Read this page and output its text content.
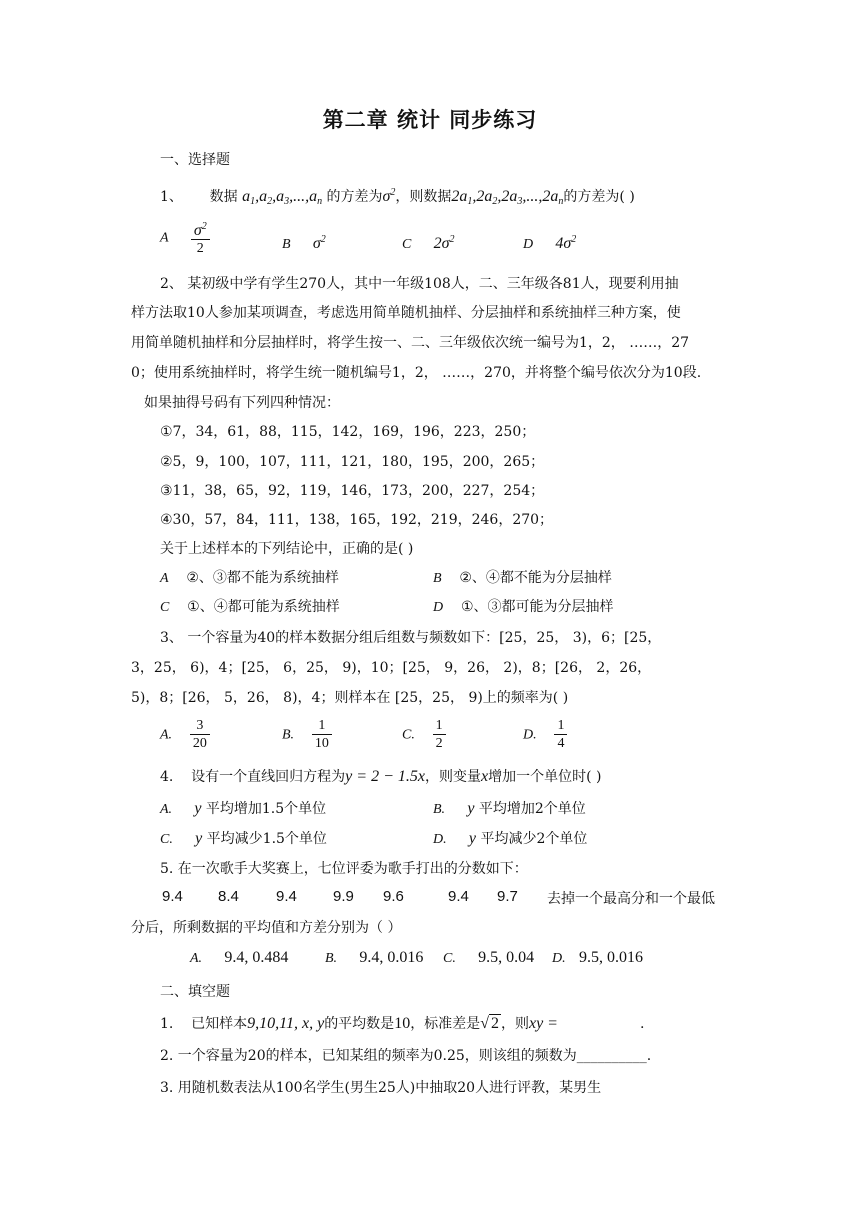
第二章 统计 同步练习
一、选择题
1、 数据 $a_1,a_2,a_3,...,a_n$ 的方差为$\sigma^2$，则数据$2a_1,2a_2,2a_3,...,2a_n$的方差为( )
A $\frac{\sigma^2}{2}$	B $\sigma^2$	C $2\sigma^2$	D $4\sigma^2$
2、 某初级中学有学生270人，其中一年级108人，二、三年级各81人，现要利用抽
样方法取10人参加某项调查，考虑选用简单随机抽样、分层抽样和系统抽样三种方案，使
用简单随机抽样和分层抽样时，将学生按一、二、三年级依次统一编号为1，2， ……，27
0；使用系统抽样时，将学生统一随机编号1，2， ……，270，并将整个编号依次分为10段.
如果抽得号码有下列四种情况：
①7，34，61，88，115，142，169，196，223，250；
②5，9，100，107，111，121，180，195，200，265；
③11，38，65，92，119，146，173，200，227，254；
④30，57，84，111，138，165，192，219，246，270；
关于上述样本的下列结论中，正确的是( )
A ②、③都不能为系统抽样	B ②、④都不能为分层抽样
C ①、④都可能为系统抽样	D ①、③都可能为分层抽样
3、 一个容量为40的样本数据分组后组数与频数如下：[25，25， 3)，6；[25，
3，25， 6)，4；[25， 6，25， 9)，10；[25， 9，26， 2)，8；[26， 2，26，
5)，8；[26， 5，26， 8)，4；则样本在 [25，25， 9)上的频率为( )
A. $\frac{3}{20}$	B. $\frac{1}{10}$	C. $\frac{1}{2}$	D. $\frac{1}{4}$
4. 设有一个直线回归方程为y = 2 − 1.5x，则变量x增加一个单位时( )
A. y 平均增加1.5个单位	B. y 平均增加2个单位
C. y 平均减少1.5个单位	D. y 平均减少2个单位
5. 在一次歌手大奖赛上，七位评委为歌手打出的分数如下：
9.4 8.4 9.4 9.9 9.6	9.4 9.7 去掉一个最高分和一个最低
分后，所剩数据的平均值和方差分别为（ ）
A. 9.4, 0.484	B. 9.4, 0.016 C. 9.5, 0.04 D. 9.5, 0.016
二、填空题
1. 已知样本9,10,11, x, y的平均数是10，标准差是√ 2 ，则xy =	.
2. 一个容量为20的样本，已知某组的频率为0.25，则该组的频数为__________.
3. 用随机数表法从100名学生(男生25人)中抽取20人进行评教，某男生
